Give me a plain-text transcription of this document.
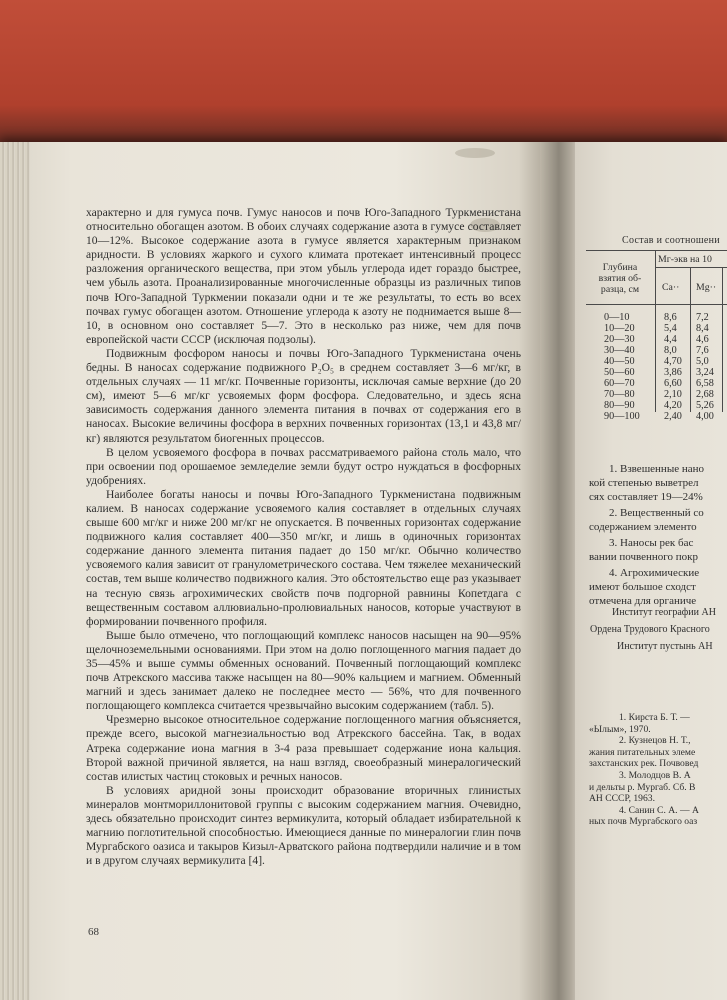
характерно и для гумуса почв. Гумус наносов и почв Юго-Западного Туркменистана относительно обогащен азотом. В обоих случаях содержание азота в гумусе составляет 10—12%. Высокое содержание азота в гумусе является характерным признаком аридности. В условиях жаркого и сухого климата протекает интенсивный процесс разложения органического вещества, при этом убыль углерода идет гораздо быстрее, чем убыль азота. Проанализированные многочисленные образцы из различных типов почв Юго-Западной Туркмении показали одни и те же результаты, то есть во всех почвах гумус обогащен азотом. Отношение углерода к азоту не поднимается выше 8—10, в основном оно составляет 5—7. Это в несколько раз ниже, чем для почв европейской части СССР (исключая подзолы).

Подвижным фосфором наносы и почвы Юго-Западного Туркменистана очень бедны. В наносах содержание подвижного P₂O₅ в среднем составляет 3—6 мг/кг, в отдельных случаях — 11 мг/кг. Почвенные горизонты, исключая самые верхние (до 20 см), имеют 5—6 мг/кг усвояемых форм фосфора. Следовательно, и здесь ясна зависимость содержания данного элемента питания в почвах от содержания его в наносах. Высокие величины фосфора в верхних почвенных горизонтах (13,1 и 43,8 мг/кг) являются результатом биогенных процессов.

В целом усвояемого фосфора в почвах рассматриваемого района столь мало, что при освоении под орошаемое земледелие земли будут остро нуждаться в фосфорных удобрениях.

Наиболее богаты наносы и почвы Юго-Западного Туркменистана подвижным калием. В наносах содержание усвояемого калия составляет в отдельных случаях свыше 600 мг/кг и ниже 200 мг/кг не опускается. В почвенных горизонтах содержание подвижного калия составляет 400—350 мг/кг, и лишь в одиночных горизонтах содержание данного элемента питания падает до 150 мг/кг. Обычно количество усвояемого калия зависит от гранулометрического состава. Чем тяжелее механический состав, тем выше количество подвижного калия. Это обстоятельство еще раз указывает на тесную связь агрохимических свойств почв подгорной равнины Копетдага с вещественным составом аллювиально-пролювиальных наносов, которые участвуют в формировании почвенного профиля.

Выше было отмечено, что поглощающий комплекс наносов насыщен на 90—95% щелочноземельными основаниями. При этом на долю поглощенного магния падает до 35—45% и выше суммы обменных оснований. Почвенный поглощающий комплекс почв Атрекского массива также насыщен на 80—90% кальцием и магнием. Обменный магний и здесь занимает далеко не последнее место — 56%, что для почвенного поглощающего комплекса считается чрезвычайно высоким содержанием (табл. 5).

Чрезмерно высокое относительное содержание поглощенного магния объясняется, прежде всего, высокой магнезиальностью вод Атрекского бассейна. Так, в водах Атрека содержание иона магния в 3-4 раза превышает содержание иона кальция. Второй важной причиной является, на наш взгляд, своеобразный минералогический состав илистых частиц стоковых и речных наносов.

В условиях аридной зоны происходит образование вторичных глинистых минералов монтмориллонитовой группы с высоким содержанием магния. Очевидно, здесь обязательно происходит синтез вермикулита, который обладает избирательной к магнию поглотительной способностью. Имеющиеся данные по минералогии глин почв Мургабского оазиса и такыров Кизыл-Арватского района подтвердили наличие и в том и в другом случаях вермикулита [4].

68
Состав и соотношени
Глубина
взятия об-
разца, см
Мг-экв на 10
Ca·· Mg··
0—10
10—20
20—30
30—40
40—50
50—60
60—70
70—80
80—90
90—100
8,6
5,4
4,4
8,0
4,70
3,86
6,60
2,10
4,20
2,40
7,2
8,4
4,6
7,6
5,0
3,24
6,58
2,68
5,26
4,00
1. Взвешенные нано
кой степенью выветрел
сях составляет 19—24%
2. Вещественный со
содержанием элементо
3. Наносы рек бас
вании почвенного покр
4. Агрохимические
имеют большое сходст
отмечена для органиче
Институт географии АН
Ордена Трудового Красного
Институт пустынь АН
1. Кирста Б. Т. —
«Ылым», 1970.
2. Кузнецов Н. Т.,
жания питательных элеме
захстанских рек. Почвовед
3. Молодцов В. А
и дельты р. Мургаб. Сб. В
АН СССР, 1963.
4. Санин С. А. — А
ных почв Мургабского оаз
